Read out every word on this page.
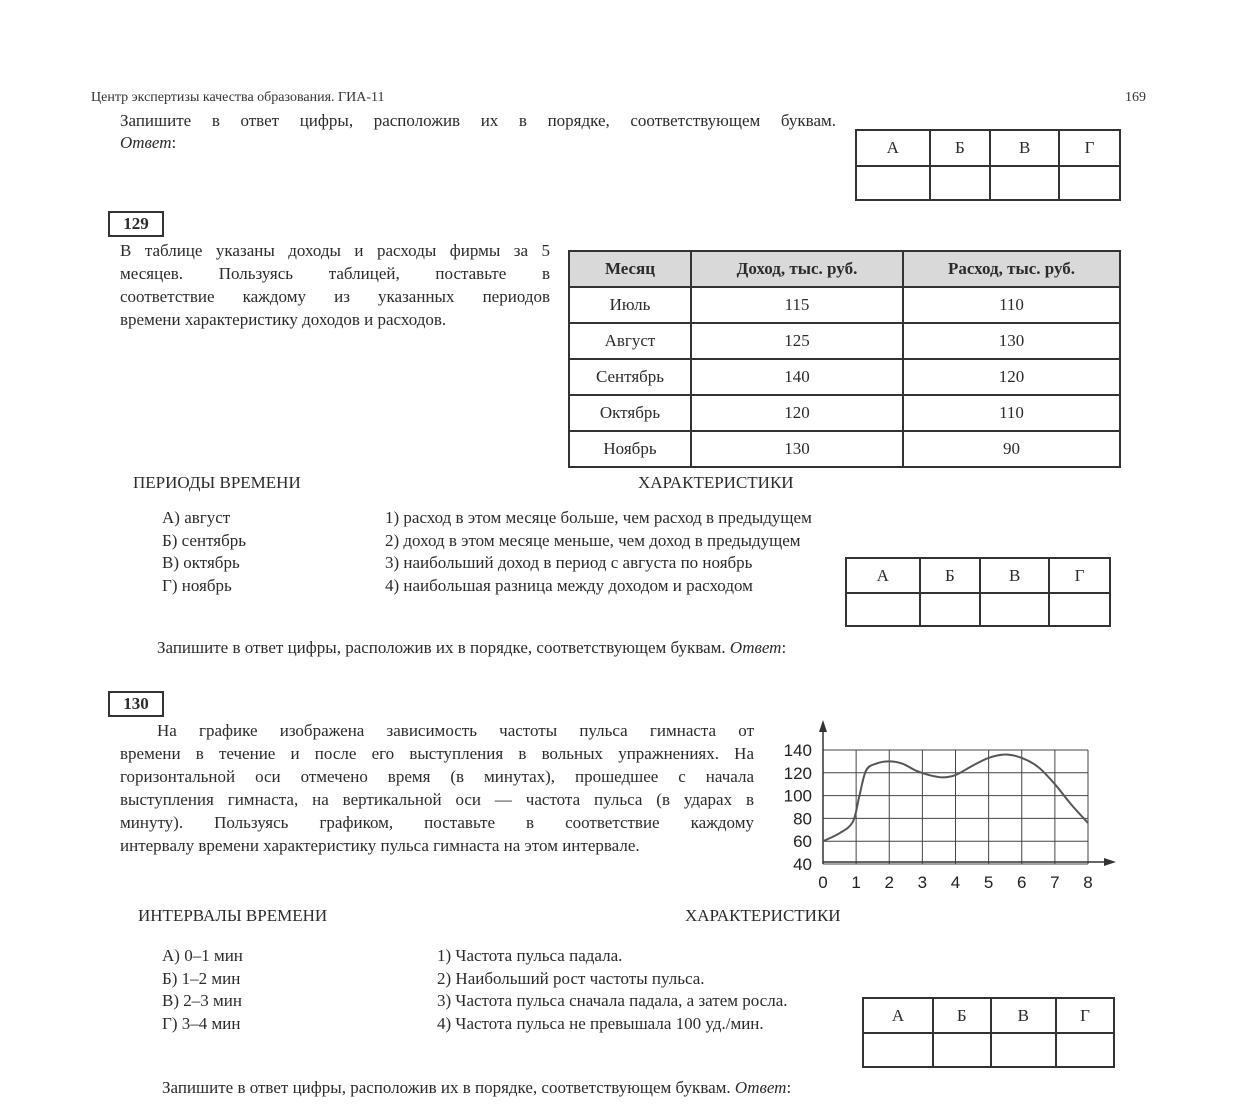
Центр экспертизы качества образования. ГИА-11	169
Запишите в ответ цифры, расположив их в порядке, соответствующем буквам.
Ответ:	А	Б	В	Г

129
В таблице указаны доходы и расходы фирмы за 5
месяцев. Пользуясь таблицей, поставьте в
соответствие каждому из указанных периодов
времени характеристику доходов и расходов.
Месяц	Доход, тыс. руб.	Расход, тыс. руб.
Июль	115	110
Август	125	130
Сентябрь	140	120
Октябрь	120	110
Ноябрь	130	90
ПЕРИОДЫ ВРЕМЕНИ	ХАРАКТЕРИСТИКИ
А) август
Б) сентябрь
В) октябрь
Г) ноябрь
1) расход в этом месяце больше, чем расход в предыдущем
2) доход в этом месяце меньше, чем доход в предыдущем
3) наибольший доход в период с августа по ноябрь
4) наибольшая разница между доходом и расходом
А	Б	В	Г

Запишите в ответ цифры, расположив их в порядке, соответствующем буквам. Ответ:
130
На графике изображена зависимость частоты пульса гимнаста от
времени в течение и после его выступления в вольных упражнениях. На
горизонтальной оси отмечено время (в минутах), прошедшее с начала
выступления гимнаста, на вертикальной оси — частота пульса (в ударах в
минуту). Пользуясь графиком, поставьте в соответствие каждому
интервалу времени характеристику пульса гимнаста на этом интервале.
0 1 2 3 4 5 6 7 8
40
60
80
100
120
140
ИНТЕРВАЛЫ ВРЕМЕНИ	ХАРАКТЕРИСТИКИ
А) 0–1 мин
Б) 1–2 мин
В) 2–3 мин
Г) 3–4 мин
1) Частота пульса падала.
2) Наибольший рост частоты пульса.
3) Частота пульса сначала падала, а затем росла.
4) Частота пульса не превышала 100 уд./мин.	А	Б	В	Г

Запишите в ответ цифры, расположив их в порядке, соответствующем буквам. Ответ:
